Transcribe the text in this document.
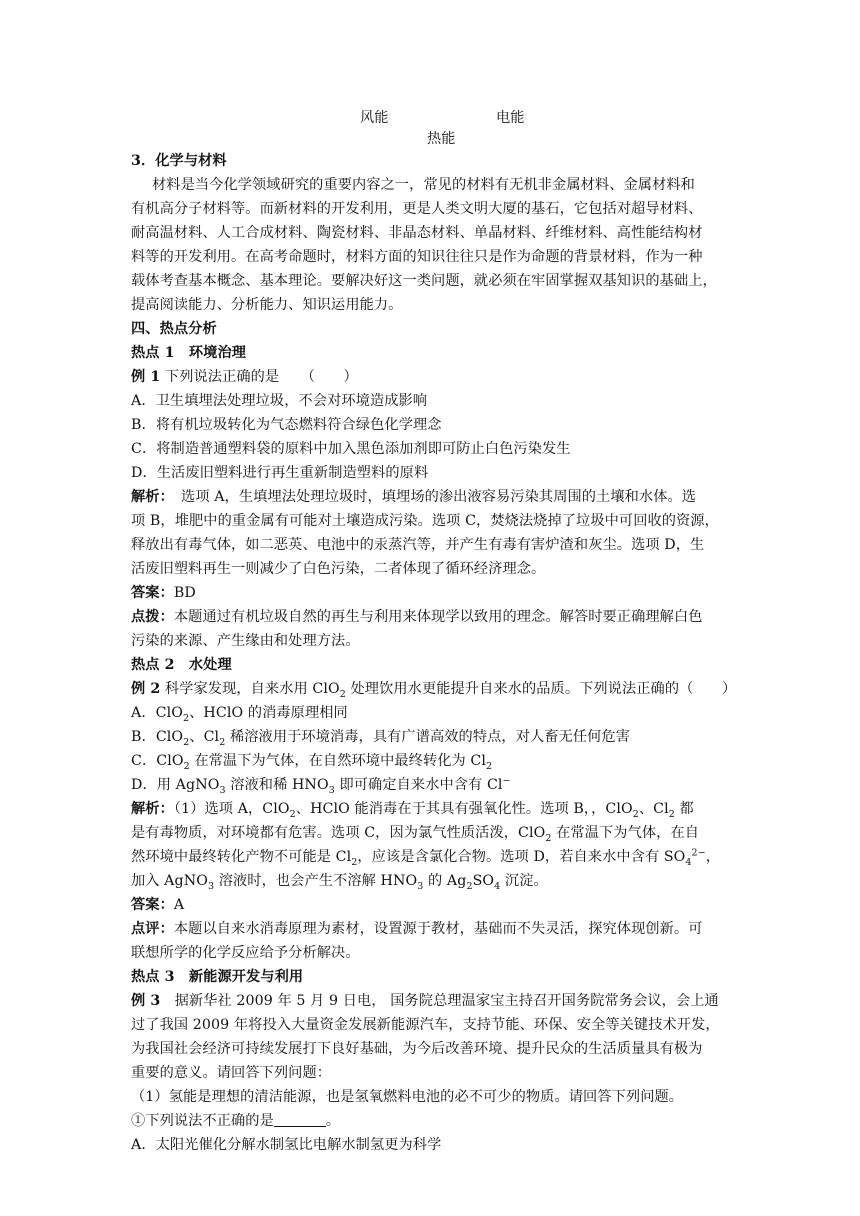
风能	电能
热能
3．化学与材料
材料是当今化学领域研究的重要内容之一，常见的材料有无机非金属材料、金属材料和
有机高分子材料等。而新材料的开发利用，更是人类文明大厦的基石，它包括对超导材料、
耐高温材料、人工合成材料、陶瓷材料、非晶态材料、单晶材料、纤维材料、高性能结构材
料等的开发利用。在高考命题时，材料方面的知识往往只是作为命题的背景材料，作为一种
载体考查基本概念、基本理论。要解决好这一类问题，就必须在牢固掌握双基知识的基础上，
提高阅读能力、分析能力、知识运用能力。
四、热点分析
热点 1　环境治理
例 1 下列说法正确的是　　（　　）
A．卫生填埋法处理垃圾，不会对环境造成影响
B．将有机垃圾转化为气态燃料符合绿色化学理念
C．将制造普通塑料袋的原料中加入黑色添加剂即可防止白色污染发生
D．生活废旧塑料进行再生重新制造塑料的原料
解析：　选项 A，生填埋法处理垃圾时，填埋场的渗出液容易污染其周围的土壤和水体。选
项 B，堆肥中的重金属有可能对土壤造成污染。选项 C，焚烧法烧掉了垃圾中可回收的资源，
释放出有毒气体，如二恶英、电池中的汞蒸汽等，并产生有毒有害炉渣和灰尘。选项 D，生
活废旧塑料再生一则减少了白色污染，二者体现了循环经济理念。
答案：BD
点拨：本题通过有机垃圾自然的再生与利用来体现学以致用的理念。解答时要正确理解白色
污染的来源、产生缘由和处理方法。
热点 2　水处理
例 2 科学家发现，自来水用 ClO$_2$ 处理饮用水更能提升自来水的品质。下列说法正确的（　　）
A．ClO$_2$、HClO 的消毒原理相同
B．ClO$_2$、$Cl_2$ 稀溶液用于环境消毒，具有广谱高效的特点，对人畜无任何危害
C．ClO$_2$ 在常温下为气体，在自然环境中最终转化为 $Cl_2$
D．用 AgNO$_3$ 溶液和稀 $HNO_3$ 即可确定自来水中含有 Cl−
解析：（1）选项 A，ClO$_2$、HClO 能消毒在于其具有强氧化性。选项 B，，ClO$_2$、$Cl_2$ 都
是有毒物质，对环境都有危害。选项 C，因为氯气性质活泼，ClO$_2$ 在常温下为气体，在自
然环境中最终转化产物不可能是 $Cl_2$，应该是含氯化合物。选项 D，若自来水中含有 $SO_4^{2-}$，
加入 AgNO$_3$ 溶液时，也会产生不溶解 $HNO_3$ 的 $Ag_2SO_4$ 沉淀。
答案：A
点评：本题以自来水消毒原理为素材，设置源于教材，基础而不失灵活，探究体现创新。可
联想所学的化学反应给予分析解决。
热点 3　新能源开发与利用
例 3　据新华社 2009 年 5 月 9 日电， 国务院总理温家宝主持召开国务院常务会议，会上通
过了我国 2009 年将投入大量资金发展新能源汽车，支持节能、环保、安全等关键技术开发，
为我国社会经济可持续发展打下良好基础，为今后改善环境、提升民众的生活质量具有极为
重要的意义。请回答下列问题：
（1）氢能是理想的清洁能源，也是氢氧燃料电池的必不可少的物质。请回答下列问题。
①下列说法不正确的是	。
A．太阳光催化分解水制氢比电解水制氢更为科学
